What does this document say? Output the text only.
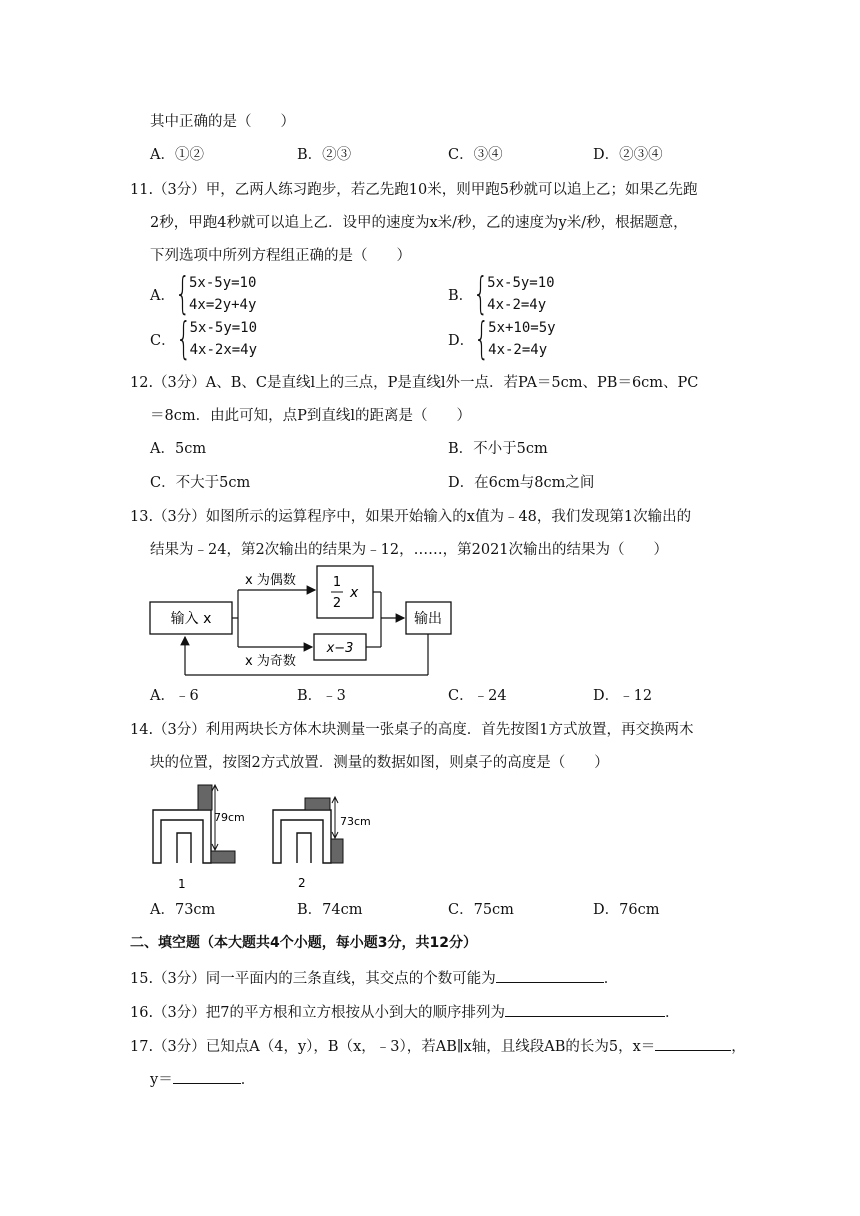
其中正确的是（　　）
A．①②	B．②③	C．③④	D．②③④
11.（3分）甲，乙两人练习跑步，若乙先跑10米，则甲跑5秒就可以追上乙；如果乙先跑
2秒，甲跑4秒就可以追上乙．设甲的速度为x米/秒，乙的速度为y米/秒，根据题意，
下列选项中所列方程组正确的是（　　）
A． {
5x-5y=10
4x=2y+4y
B． {
5x-5y=10
4x-2=4y
C． {
5x-5y=10
4x-2x=4y
D． {
5x+10=5y
4x-2=4y
12.（3分）A、B、C是直线l上的三点，P是直线l外一点．若PA＝5cm、PB＝6cm、PC
＝8cm．由此可知，点P到直线l的距离是（　　）
A．5cm	B．不小于5cm
C．不大于5cm	D．在6cm与8cm之间
13.（3分）如图所示的运算程序中，如果开始输入的x值为﹣48，我们发现第1次输出的
结果为﹣24，第2次输出的结果为﹣12，……，第2021次输出的结果为（　　）
输入 x
x 为偶数
x 为奇数
1
2
x
x−3
输出
A．﹣6	B．﹣3	C．﹣24	D．﹣12
14.（3分）利用两块长方体木块测量一张桌子的高度．首先按图1方式放置，再交换两木
块的位置，按图2方式放置．测量的数据如图，则桌子的高度是（　　）
79cm
1
73cm
2
A．73cm	B．74cm	C．75cm	D．76cm
二、填空题（本大题共4个小题，每小题3分，共12分）
15.（3分）同一平面内的三条直线，其交点的个数可能为	．
16.（3分）把7的平方根和立方根按从小到大的顺序排列为	．
17.（3分）已知点A（4，y），B（x，﹣3），若AB∥x轴，且线段AB的长为5，x＝	，
y＝	．
